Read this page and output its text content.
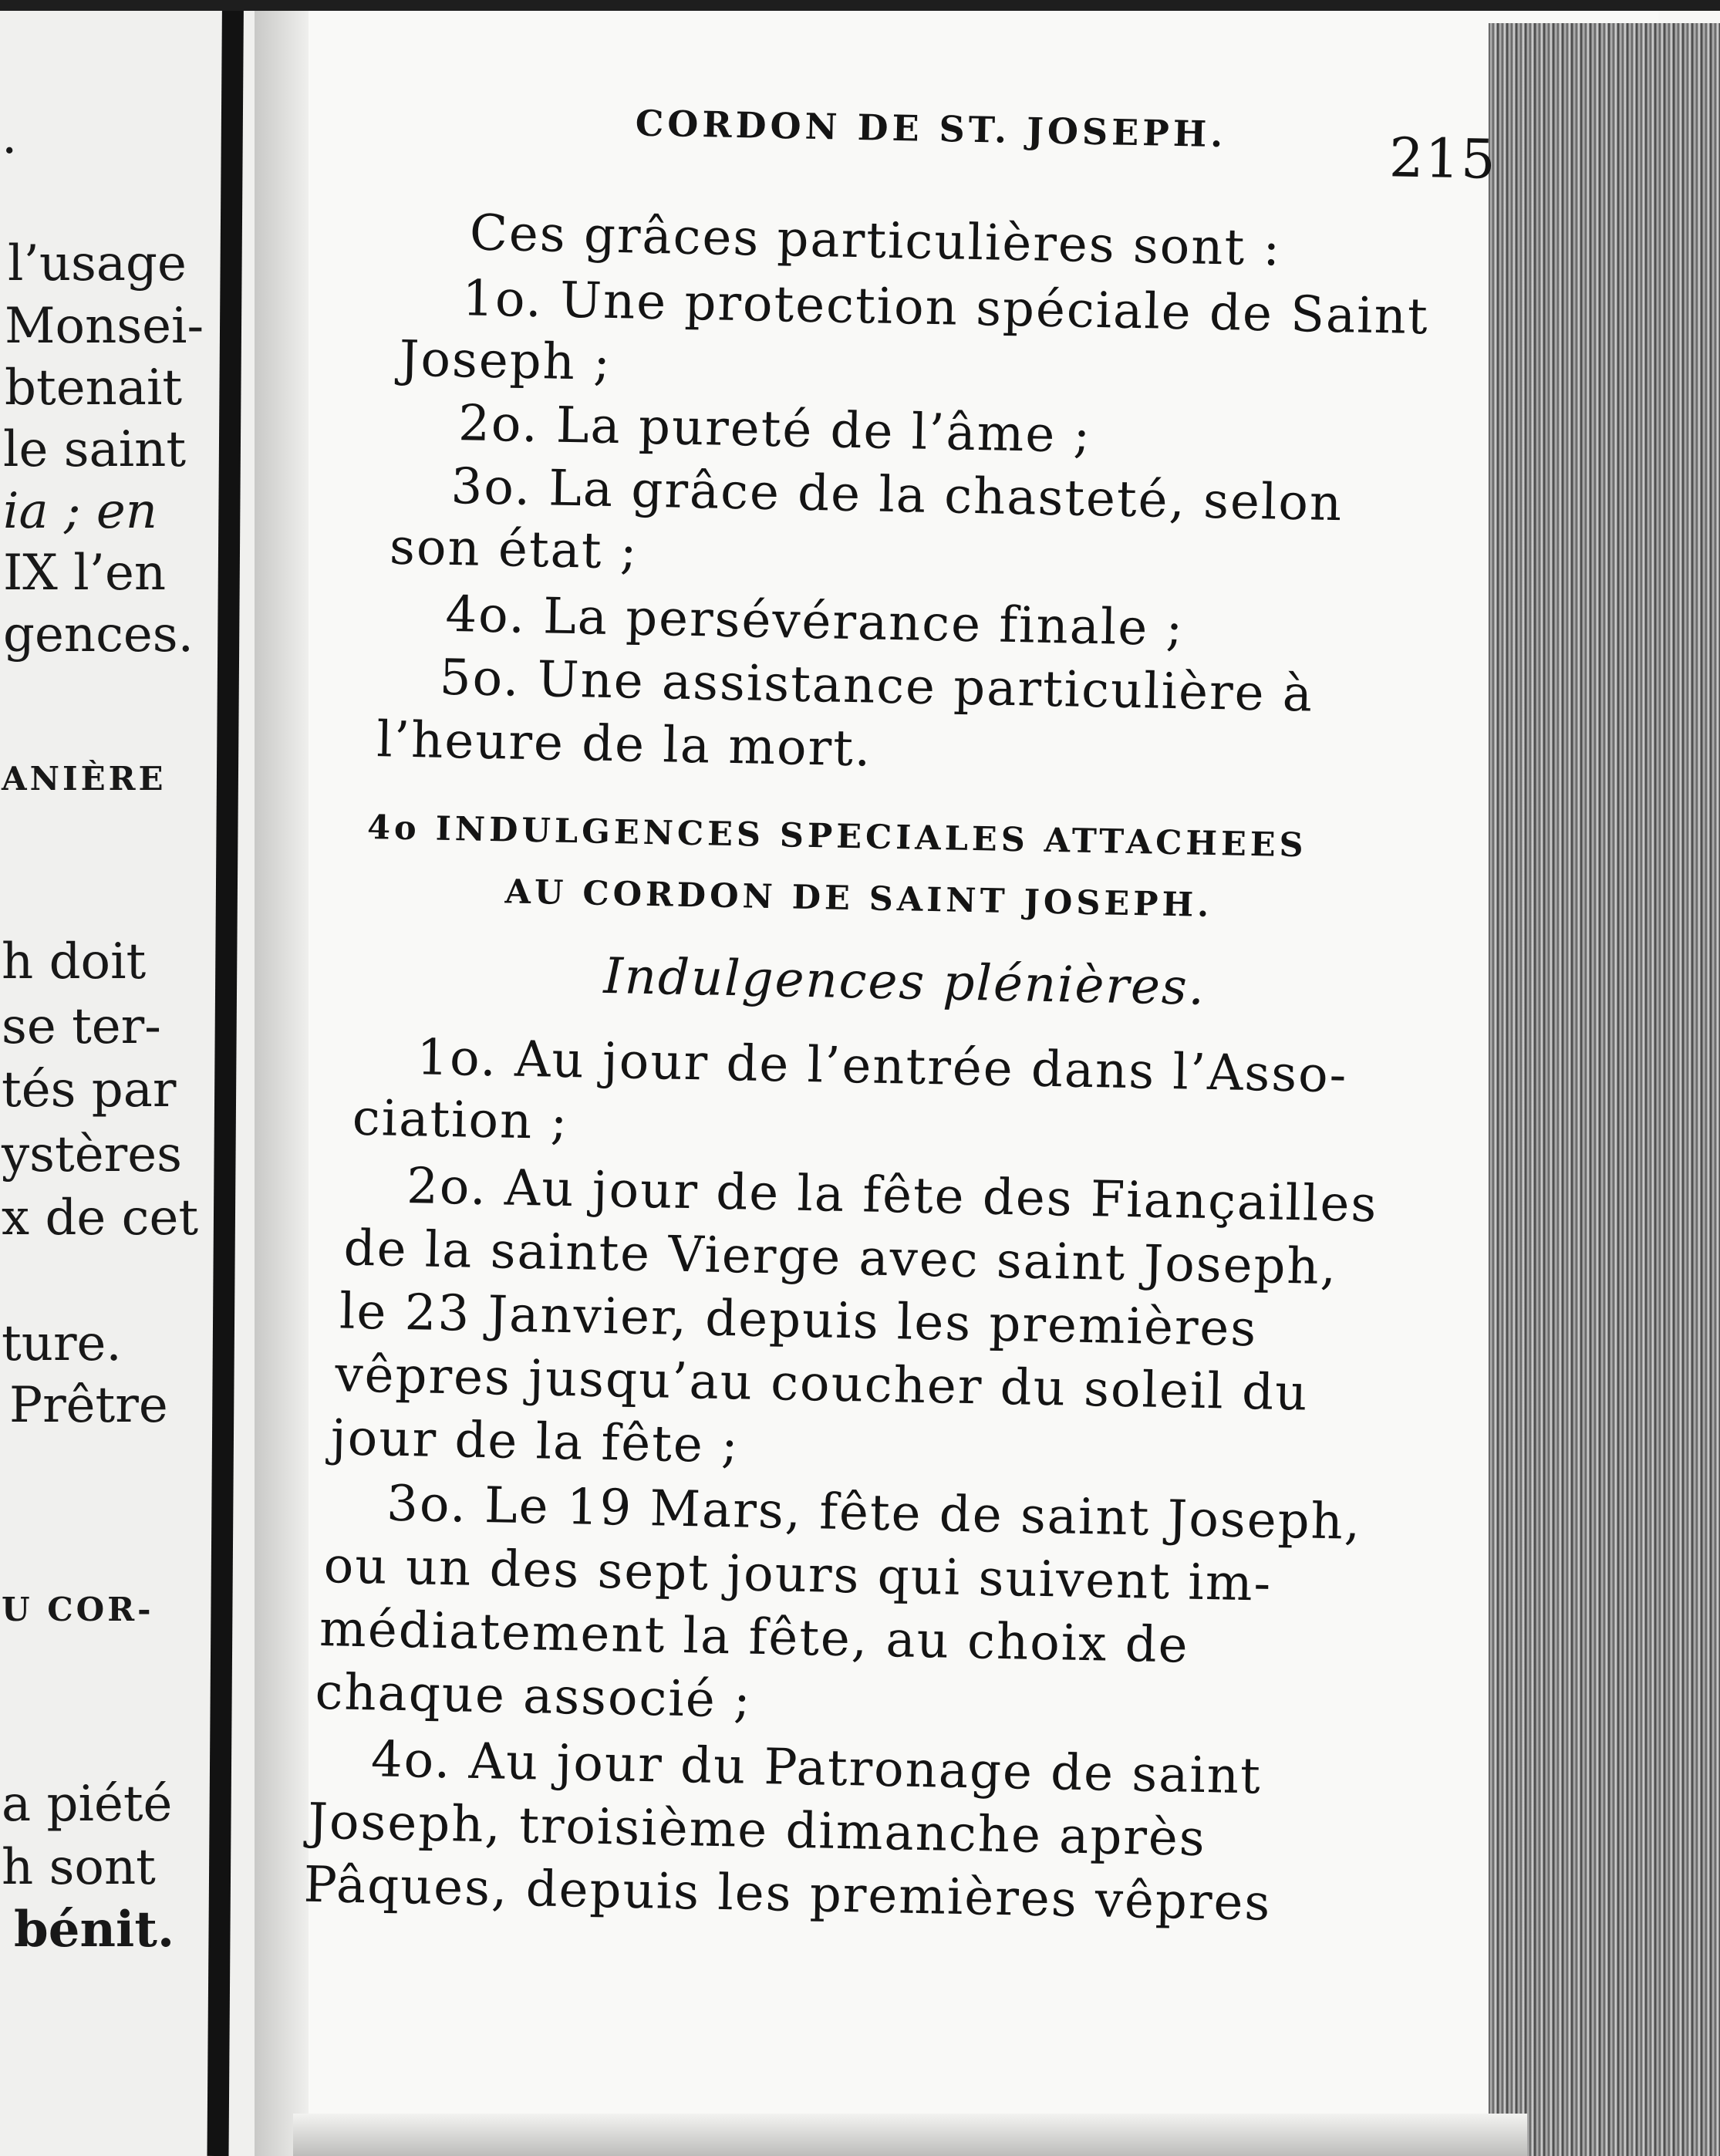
.
l’usage
Monsei-
btenait
le saint
ia ; en
IX l’en
gences.
ANIÈRE
h doit
se ter-
tés par
ystères
x de cet
ture.
Prêtre
U COR-
a piété
h sont
bénit.
CORDON DE ST. JOSEPH.	215
Ces grâces particulières sont :
1o. Une protection spéciale de Saint
Joseph ;
2o. La pureté de l’âme ;
3o. La grâce de la chasteté, selon
son état ;
4o. La persévérance finale ;
5o. Une assistance particulière à
l’heure de la mort.
4o INDULGENCES SPECIALES ATTACHEES
AU CORDON DE SAINT JOSEPH.
Indulgences plénières.
1o. Au jour de l’entrée dans l’Asso-
ciation ;
2o. Au jour de la fête des Fiançailles
de la sainte Vierge avec saint Joseph,
le 23 Janvier, depuis les premières
vêpres jusqu’au coucher du soleil du
jour de la fête ;
3o. Le 19 Mars, fête de saint Joseph,
ou un des sept jours qui suivent im-
médiatement la fête, au choix de
chaque associé ;
4o. Au jour du Patronage de saint
Joseph, troisième dimanche après
Pâques, depuis les premières vêpres
